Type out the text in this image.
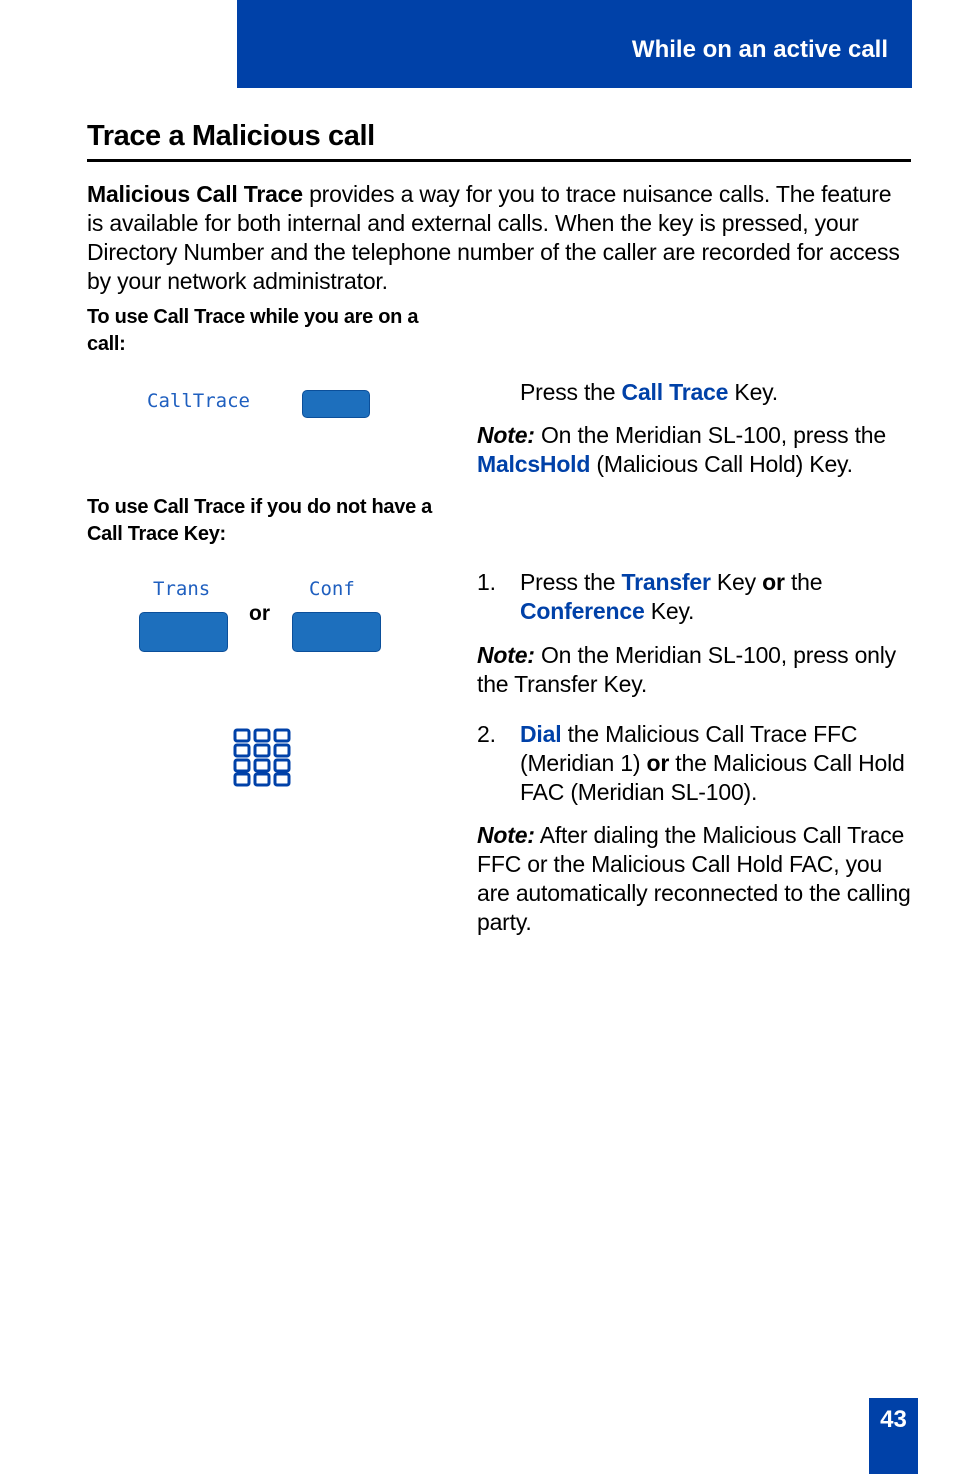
While on an active call
Trace a Malicious call
Malicious Call Trace provides a way for you to trace nuisance calls. The feature is available for both internal and external calls. When the key is pressed, your Directory Number and the telephone number of the caller are recorded for access by your network administrator.
To use Call Trace while you are on a call:
CallTrace	Press the Call Trace Key.
Note: On the Meridian SL-100, press the MalcsHold (Malicious Call Hold) Key.
To use Call Trace if you do not have a Call Trace Key:
Trans	Conf
or
1. Press the Transfer Key or the Conference Key.
Note: On the Meridian SL-100, press only the Transfer Key.
2. Dial the Malicious Call Trace FFC (Meridian 1) or the Malicious Call Hold FAC (Meridian SL-100).
Note: After dialing the Malicious Call Trace FFC or the Malicious Call Hold FAC, you are automatically reconnected to the calling party.
43
